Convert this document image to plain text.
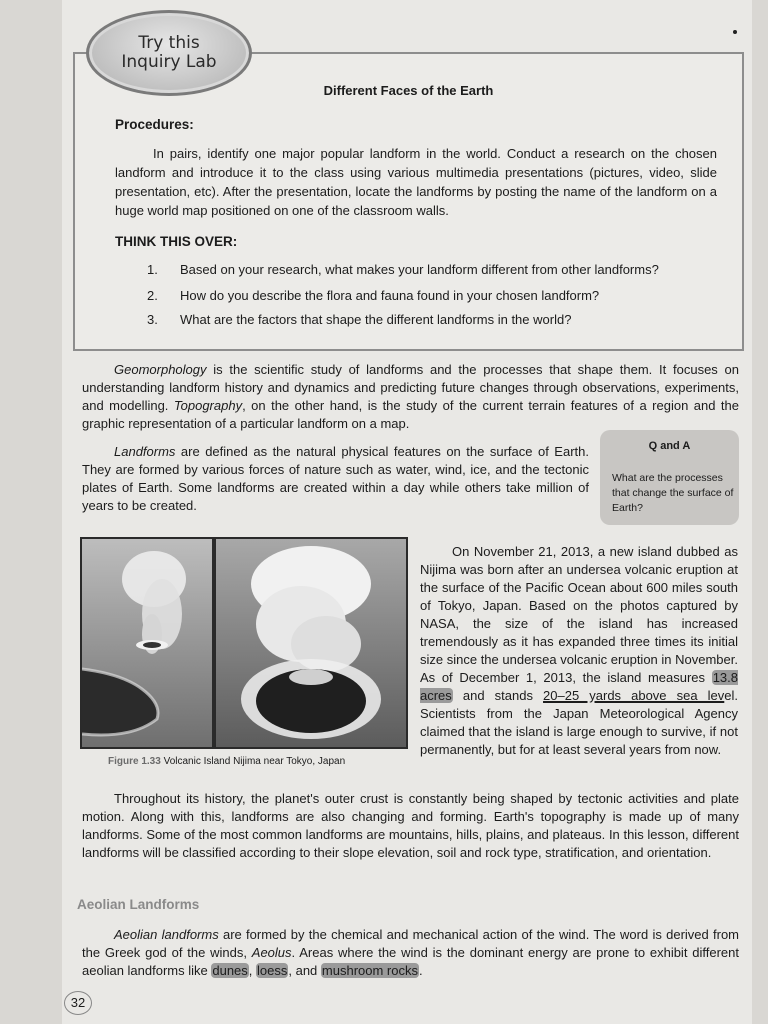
Try this
Inquiry Lab
Different Faces of the Earth
Procedures:
In pairs, identify one major popular landform in the world. Conduct a research on the chosen landform and introduce it to the class using various multimedia presentations (pictures, video, slide presentation, etc). After the presentation, locate the landforms by posting the name of the landform on a huge world map positioned on one of the classroom walls.
THINK THIS OVER:
1. Based on your research, what makes your landform different from other landforms?
2. How do you describe the flora and fauna found in your chosen landform?
3. What are the factors that shape the different landforms in the world?
Geomorphology is the scientific study of landforms and the processes that shape them. It focuses on understanding landform history and dynamics and predicting future changes through observations, experiments, and modelling. Topography, on the other hand, is the study of the current terrain features of a region and the graphic representation of a particular landform on a map.
Landforms are defined as the natural physical features on the surface of Earth. They are formed by various forces of nature such as water, wind, ice, and the tectonic plates of Earth. Some landforms are created within a day while others take million of years to be created.
Q and A
What are the processes that change the surface of Earth?
Figure 1.33 Volcanic Island Nijima near Tokyo, Japan
On November 21, 2013, a new island dubbed as Nijima was born after an undersea volcanic eruption at the surface of the Pacific Ocean about 600 miles south of Tokyo, Japan. Based on the photos captured by NASA, the size of the island has increased tremendously as it has expanded three times its initial size since the undersea volcanic eruption in November. As of December 1, 2013, the island measures 13.8 acres and stands 20–25 yards above sea level. Scientists from the Japan Meteorological Agency claimed that the island is large enough to survive, if not permanently, but for at least several years from now.
Throughout its history, the planet's outer crust is constantly being shaped by tectonic activities and plate motion. Along with this, landforms are also changing and forming. Earth's topography is made up of many landforms. Some of the most common landforms are mountains, hills, plains, and plateaus. In this lesson, different landforms will be classified according to their slope elevation, soil and rock type, stratification, and orientation.
Aeolian Landforms
Aeolian landforms are formed by the chemical and mechanical action of the wind. The word is derived from the Greek god of the winds, Aeolus. Areas where the wind is the dominant energy are prone to exhibit different aeolian landforms like dunes, loess, and mushroom rocks.
32
